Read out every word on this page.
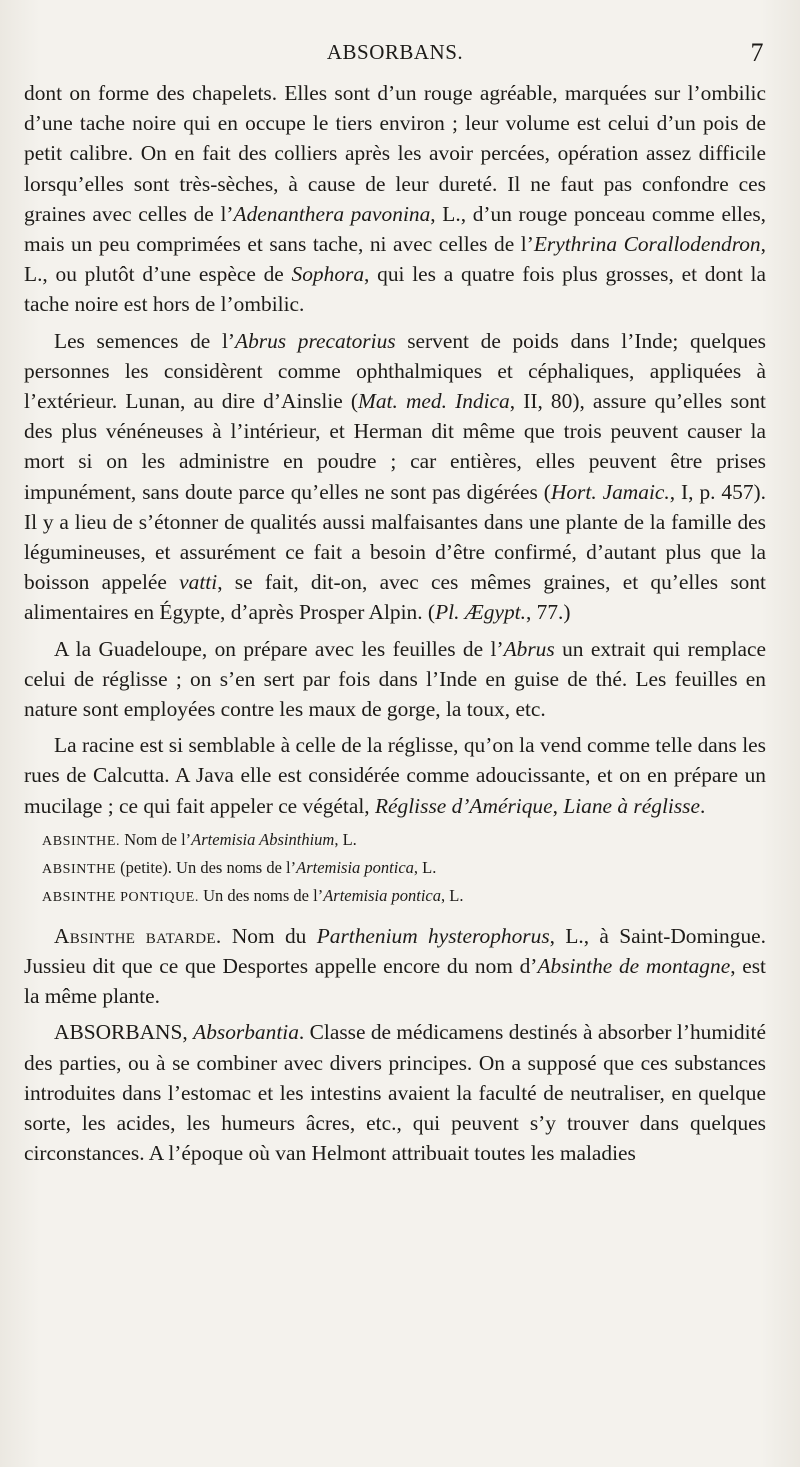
ABSORBANS.	7

dont on forme des chapelets. Elles sont d’un rouge agréable, marquées sur l’ombilic d’une tache noire qui en occupe le tiers environ ; leur volume est celui d’un pois de petit calibre. On en fait des colliers après les avoir percées, opération assez difficile lorsqu’elles sont très-sèches, à cause de leur dureté. Il ne faut pas confondre ces graines avec celles de l’Adenanthera pavonina, L., d’un rouge ponceau comme elles, mais un peu comprimées et sans tache, ni avec celles de l’Erythrina Corallodendron, L., ou plutôt d’une espèce de Sophora, qui les a quatre fois plus grosses, et dont la tache noire est hors de l’ombilic.

Les semences de l’Abrus precatorius servent de poids dans l’Inde; quelques personnes les considèrent comme ophthalmiques et céphaliques, appliquées à l’extérieur. Lunan, au dire d’Ainslie (Mat. med. Indica, II, 80), assure qu’elles sont des plus vénéneuses à l’intérieur, et Herman dit même que trois peuvent causer la mort si on les administre en poudre ; car entières, elles peuvent être prises impunément, sans doute parce qu’elles ne sont pas digérées (Hort. Jamaic., I, p. 457). Il y a lieu de s’étonner de qualités aussi malfaisantes dans une plante de la famille des légumineuses, et assurément ce fait a besoin d’être confirmé, d’autant plus que la boisson appelée vatti, se fait, dit-on, avec ces mêmes graines, et qu’elles sont alimentaires en Égypte, d’après Prosper Alpin. (Pl. Ægypt., 77.)

A la Guadeloupe, on prépare avec les feuilles de l’Abrus un extrait qui remplace celui de réglisse ; on s’en sert par fois dans l’Inde en guise de thé. Les feuilles en nature sont employées contre les maux de gorge, la toux, etc.

La racine est si semblable à celle de la réglisse, qu’on la vend comme telle dans les rues de Calcutta. A Java elle est considérée comme adoucissante, et on en prépare un mucilage ; ce qui fait appeler ce végétal, Réglisse d’Amérique, Liane à réglisse.

ABSINTHE. Nom de l’Artemisia Absinthium, L.

ABSINTHE (petite). Un des noms de l’Artemisia pontica, L.

ABSINTHE PONTIQUE. Un des noms de l’Artemisia pontica, L.

Absinthe batarde. Nom du Parthenium hysterophorus, L., à Saint-Domingue. Jussieu dit que ce que Desportes appelle encore du nom d’Absinthe de montagne, est la même plante.

ABSORBANS, Absorbantia. Classe de médicamens destinés à absorber l’humidité des parties, ou à se combiner avec divers principes. On a supposé que ces substances introduites dans l’estomac et les intestins avaient la faculté de neutraliser, en quelque sorte, les acides, les humeurs âcres, etc., qui peuvent s’y trouver dans quelques circonstances. A l’époque où van Helmont attribuait toutes les maladies
